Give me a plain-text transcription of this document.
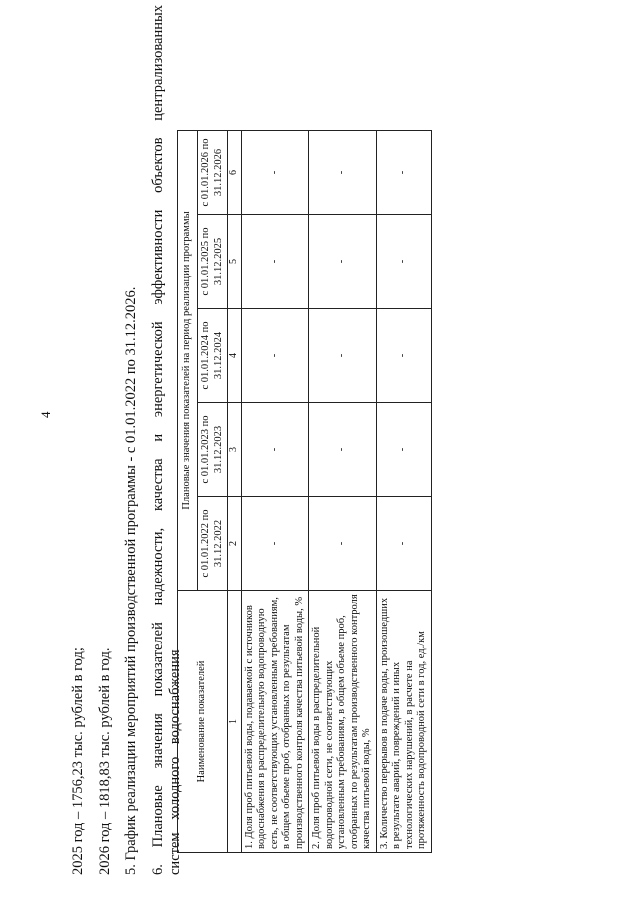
4
2025 год – 1756,23 тыс. рублей в год; 2026 год – 1818,83 тыс. рублей в год. 5. График реализации мероприятий производственной программы - с 01.01.2022 по 31.12.2026. 6. Плановые значения показателей надежности, качества и энергетической эффективности объектов централизованных систем холодного водоснабжения Наименование показателей	Плановые значения показателей на период реализации программы				
	с 01.01.2022 по 31.12.2022	с 01.01.2023 по 31.12.2023	с 01.01.2024 по 31.12.2024	с 01.01.2025 по 31.12.2025	с 01.01.2026 по 31.12.2026
1	2	3	4	5	6
1. Доля проб питьевой воды, подаваемой с источников водоснабжения в распределительную водопроводную сеть, не соответствующих установленным требованиям, в общем объеме проб, отобранных по результатам производственного контроля качества питьевой воды, %	-	-	-	-	-
2. Доля проб питьевой воды в распределительной водопроводной сети, не соответствующих установленным требованиям, в общем объеме проб, отобранных по результатам производственного контроля качества питьевой воды, %	-	-	-	-	-
3. Количество перерывов в подаче воды, произошедших в результате аварий, повреждений и иных технологических нарушений, в расчете на протяженность водопроводной сети в год, ед./км	-	-	-	-	-
